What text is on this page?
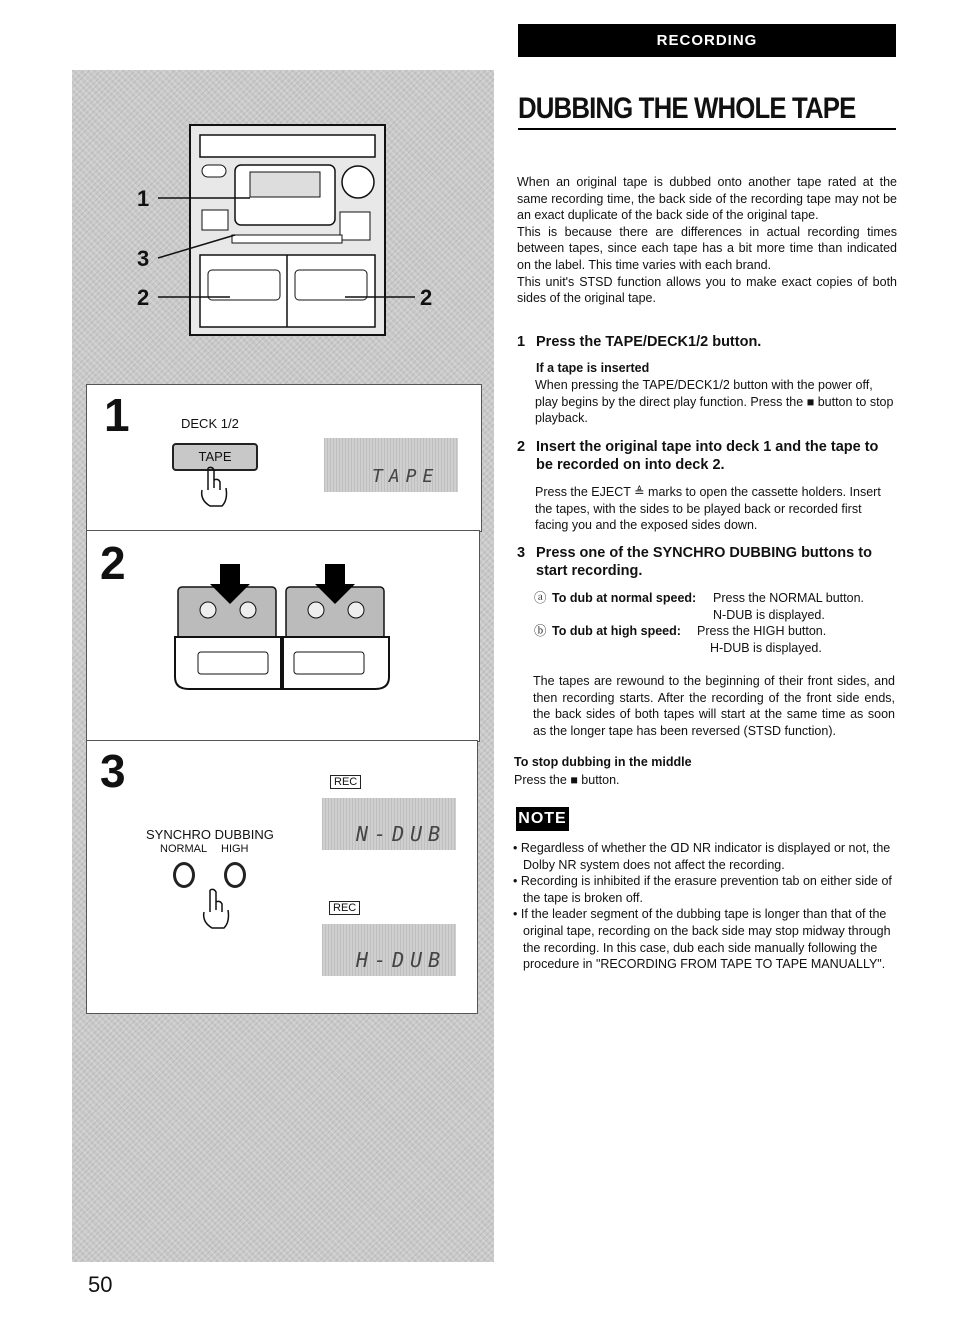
1
3
2	2
1	DECK 1/2
TAPE
TAPE
2
3
SYNCHRO DUBBING
NORMAL HIGH
REC
N-DUB
REC
H-DUB
RECORDING
DUBBING THE WHOLE TAPE
When an original tape is dubbed onto another tape rated at the same recording time, the back side of the recording tape may not be an exact duplicate of the back side of the original tape.
This is because there are differences in actual recording times between tapes, since each tape has a bit more time than indicated on the label. This time varies with each brand.
This unit's STSD function allows you to make exact copies of both sides of the original tape.
1 Press the TAPE/DECK1/2 button.
If a tape is inserted
When pressing the TAPE/DECK1/2 button with the power off, play begins by the direct play function. Press the ■ button to stop playback.
2 Insert the original tape into deck 1 and the tape to be recorded on into deck 2.
Press the EJECT ≜ marks to open the cassette holders. Insert the tapes, with the sides to be played back or recorded first facing you and the exposed sides down.
3 Press one of the SYNCHRO DUBBING buttons to start recording.
ⓐ To dub at normal speed: Press the NORMAL button.
N-DUB is displayed.
ⓑ To dub at high speed: Press the HIGH button.
H-DUB is displayed.
The tapes are rewound to the beginning of their front sides, and then recording starts. After the recording of the front side ends, the back sides of both tapes will start at the same time as soon as the longer tape has been reversed (STSD function).
To stop dubbing in the middle
Press the ■ button.
NOTE
• Regardless of whether the ᗡᗞ NR indicator is displayed or not, the Dolby NR system does not affect the recording.
• Recording is inhibited if the erasure prevention tab on either side of the tape is broken off.
• If the leader segment of the dubbing tape is longer than that of the original tape, recording on the back side may stop midway through the recording. In this case, dub each side manually following the procedure in "RECORDING FROM TAPE TO TAPE MANUALLY".
50
